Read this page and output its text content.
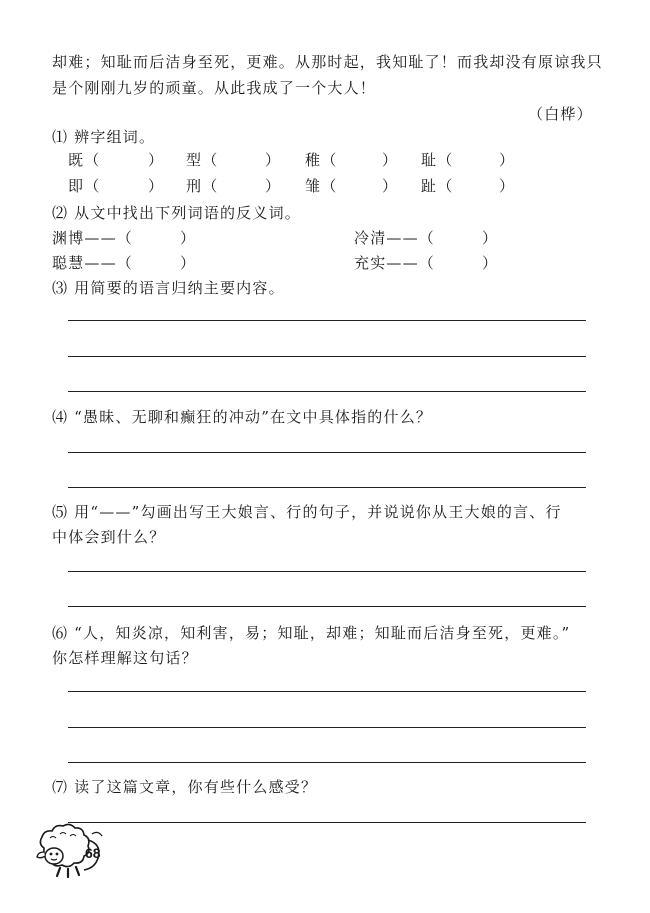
却难；知耻而后洁身至死，更难。从那时起，我知耻了！而我却没有原谅我只
是个刚刚九岁的顽童。从此我成了一个大人！
（白桦）
⑴ 辨字组词。
既（	） 型（	） 稚（	） 耻（	）
即（	） 刑（	） 雏（	） 趾（	）
⑵ 从文中找出下列词语的反义词。
渊博——（	）	冷清——（	）
聪慧——（	）	充实——（	）
⑶ 用简要的语言归纳主要内容。
⑷ “愚昧、无聊和癫狂的冲动”在文中具体指的什么？
⑸ 用“——”勾画出写王大娘言、行的句子，并说说你从王大娘的言、行
中体会到什么？
⑹ “人，知炎凉，知利害，易；知耻，却难；知耻而后洁身至死，更难。”
你怎样理解这句话？
⑺ 读了这篇文章，你有些什么感受？
68
